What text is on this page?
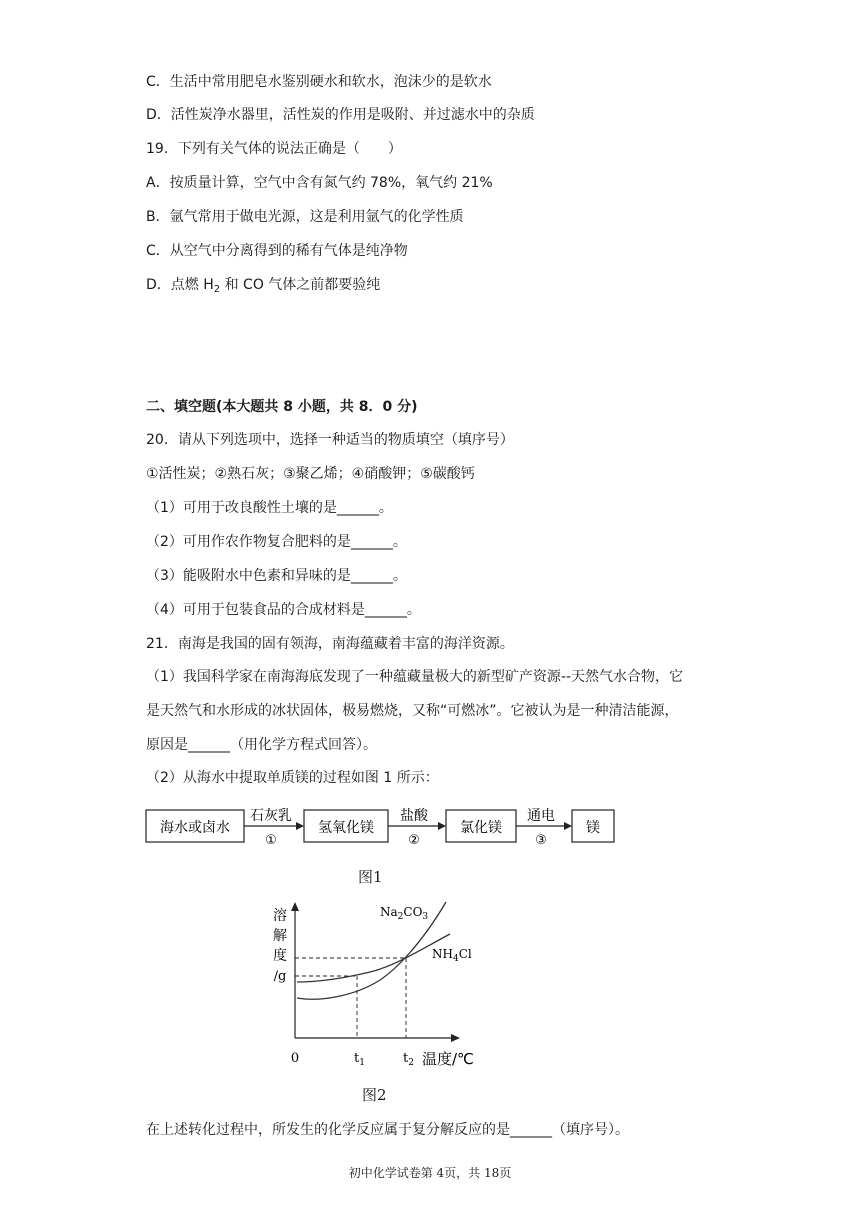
C．生活中常用肥皂水鉴别硬水和软水，泡沫少的是软水
D．活性炭净水器里，活性炭的作用是吸附、并过滤水中的杂质
19．下列有关气体的说法正确是（　　）
A．按质量计算，空气中含有氮气约 78%，氧气约 21%
B．氩气常用于做电光源，这是利用氩气的化学性质
C．从空气中分离得到的稀有气体是纯净物
D．点燃 $H_2$ 和 CO 气体之前都要验纯
二、填空题(本大题共 8 小题，共 8．0 分)
20．请从下列选项中，选择一种适当的物质填空（填序号）
①活性炭；②熟石灰；③聚乙烯；④硝酸钾；⑤碳酸钙
（1）可用于改良酸性土壤的是______。
（2）可用作农作物复合肥料的是______。
（3）能吸附水中色素和异味的是______。
（4）可用于包装食品的合成材料是______。
21．南海是我国的固有领海，南海蕴藏着丰富的海洋资源。
（1）我国科学家在南海海底发现了一种蕴藏量极大的新型矿产资源--天然气水合物，它
是天然气和水形成的冰状固体，极易燃烧，又称“可燃冰”。它被认为是一种清洁能源，
原因是______（用化学方程式回答）。
（2）从海水中提取单质镁的过程如图 1 所示：
海水或卤水
石灰乳
①
氢氧化镁
盐酸
②
氯化镁
通电
③
镁
图1
溶
解
度
/g
$Na_2CO_3$
$NH_4Cl$
0	$t_1$	$t_2$ 温度/℃
图2
在上述转化过程中，所发生的化学反应属于复分解反应的是______（填序号）。
初中化学试卷第 4页，共 18页
